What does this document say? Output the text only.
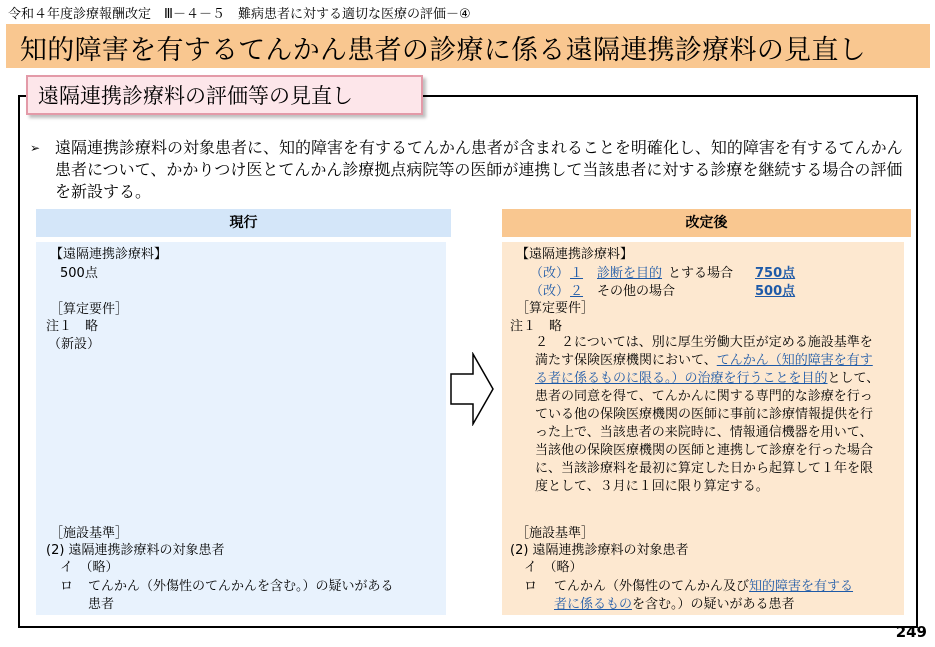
令和４年度診療報酬改定　Ⅲ－４－５　難病患者に対する適切な医療の評価－④
知的障害を有するてんかん患者の診療に係る遠隔連携診療料の見直し
遠隔連携診療料の評価等の見直し
➢ 遠隔連携診療料の対象患者に、知的障害を有するてんかん患者が含まれることを明確化し、知的障害を有するてんかん患者について、かかりつけ医とてんかん診療拠点病院等の医師が連携して当該患者に対する診療を継続する場合の評価を新設する。
現行	改定後
【遠隔連携診療料】
500点
［算定要件］
注１　略
（新設）
［施設基準］
(2) 遠隔連携診療料の対象患者
イ　（略）
ロ てんかん（外傷性のてんかんを含む。）の疑いがある
患者
【遠隔連携診療料】
（改） １ 診断を目的 とする場合 750点
（改） ２ その他の場合	500点
［算定要件］
注１　略
２　２については、別に厚生労働大臣が定める施設基準を満たす保険医療機関において、てんかん（知的障害を有する者に係るものに限る。）の治療を行うことを目的として、患者の同意を得て、てんかんに関する専門的な診療を行っている他の保険医療機関の医師に事前に診療情報提供を行った上で、当該患者の来院時に、情報通信機器を用いて、当該他の保険医療機関の医師と連携して診療を行った場合に、当該診療料を最初に算定した日から起算して１年を限度として、３月に１回に限り算定する。
［施設基準］
(2) 遠隔連携診療料の対象患者
イ　（略）
ロ てんかん（外傷性のてんかん及び知的障害を有する
者に係るものを含む。）の疑いがある患者
249
